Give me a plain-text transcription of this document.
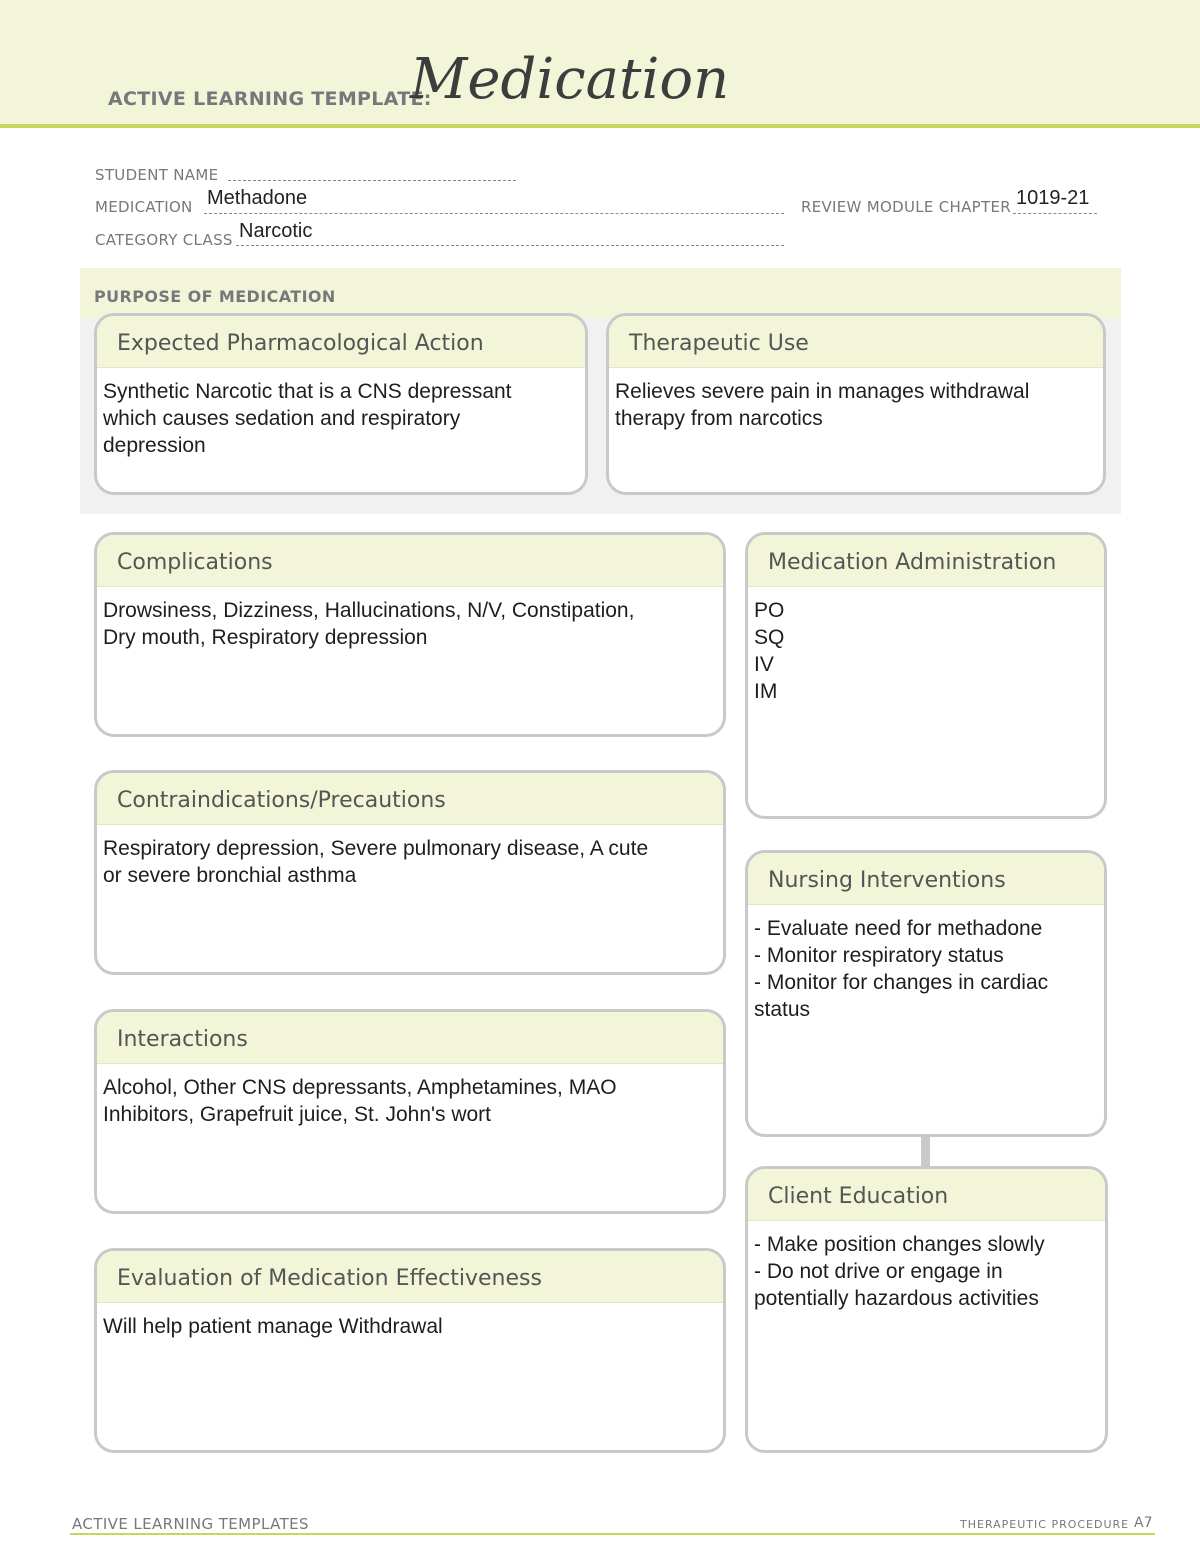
ACTIVE LEARNING TEMPLATE:
Medication
STUDENT NAME
MEDICATION Methadone	REVIEW MODULE CHAPTER 1019-21
CATEGORY CLASS Narcotic
PURPOSE OF MEDICATION
Expected Pharmacological Action
Synthetic Narcotic that is a CNS depressant
which causes sedation and respiratory
depression
Therapeutic Use
Relieves severe pain in manages withdrawal
therapy from narcotics
Complications
Drowsiness, Dizziness, Hallucinations, N/V, Constipation,
Dry mouth, Respiratory depression
Contraindications/Precautions
Respiratory depression, Severe pulmonary disease, A cute
or severe bronchial asthma
Interactions
Alcohol, Other CNS depressants, Amphetamines, MAO
Inhibitors, Grapefruit juice, St. John's wort
Evaluation of Medication Effectiveness
Will help patient manage Withdrawal
Medication Administration
PO
SQ
IV
IM
Nursing Interventions
- Evaluate need for methadone
- Monitor respiratory status
- Monitor for changes in cardiac
status
Client Education
- Make position changes slowly
- Do not drive or engage in
potentially hazardous activities
ACTIVE LEARNING TEMPLATES	THERAPEUTIC PROCEDURE A7
